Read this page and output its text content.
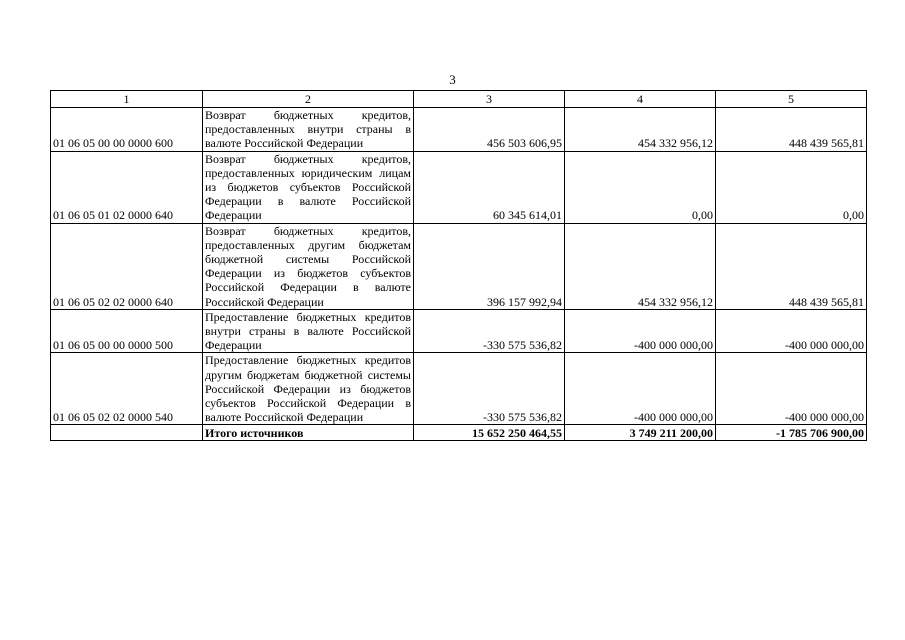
3
1	2	3	4	5
01 06 05 00 00 0000 600	Возврат бюджетных кредитов, предоставленных внутри страны в валюте Российской Федерации	456 503 606,95	454 332 956,12	448 439 565,81
01 06 05 01 02 0000 640	Возврат бюджетных кредитов, предоставленных юридическим лицам из бюджетов субъектов Российской Федерации в валюте Российской Федерации	60 345 614,01	0,00	0,00
01 06 05 02 02 0000 640	Возврат бюджетных кредитов, предоставленных другим бюджетам бюджетной системы Российской Федерации из бюджетов субъектов Российской Федерации в валюте Российской Федерации	396 157 992,94	454 332 956,12	448 439 565,81
01 06 05 00 00 0000 500	Предоставление бюджетных кредитов внутри страны в валюте Российской Федерации	-330 575 536,82	-400 000 000,00	-400 000 000,00
01 06 05 02 02 0000 540	Предоставление бюджетных кредитов другим бюджетам бюджетной системы Российской Федерации из бюджетов субъектов Российской Федерации в валюте Российской Федерации	-330 575 536,82	-400 000 000,00	-400 000 000,00
	Итого источников	15 652 250 464,55	3 749 211 200,00	-1 785 706 900,00
